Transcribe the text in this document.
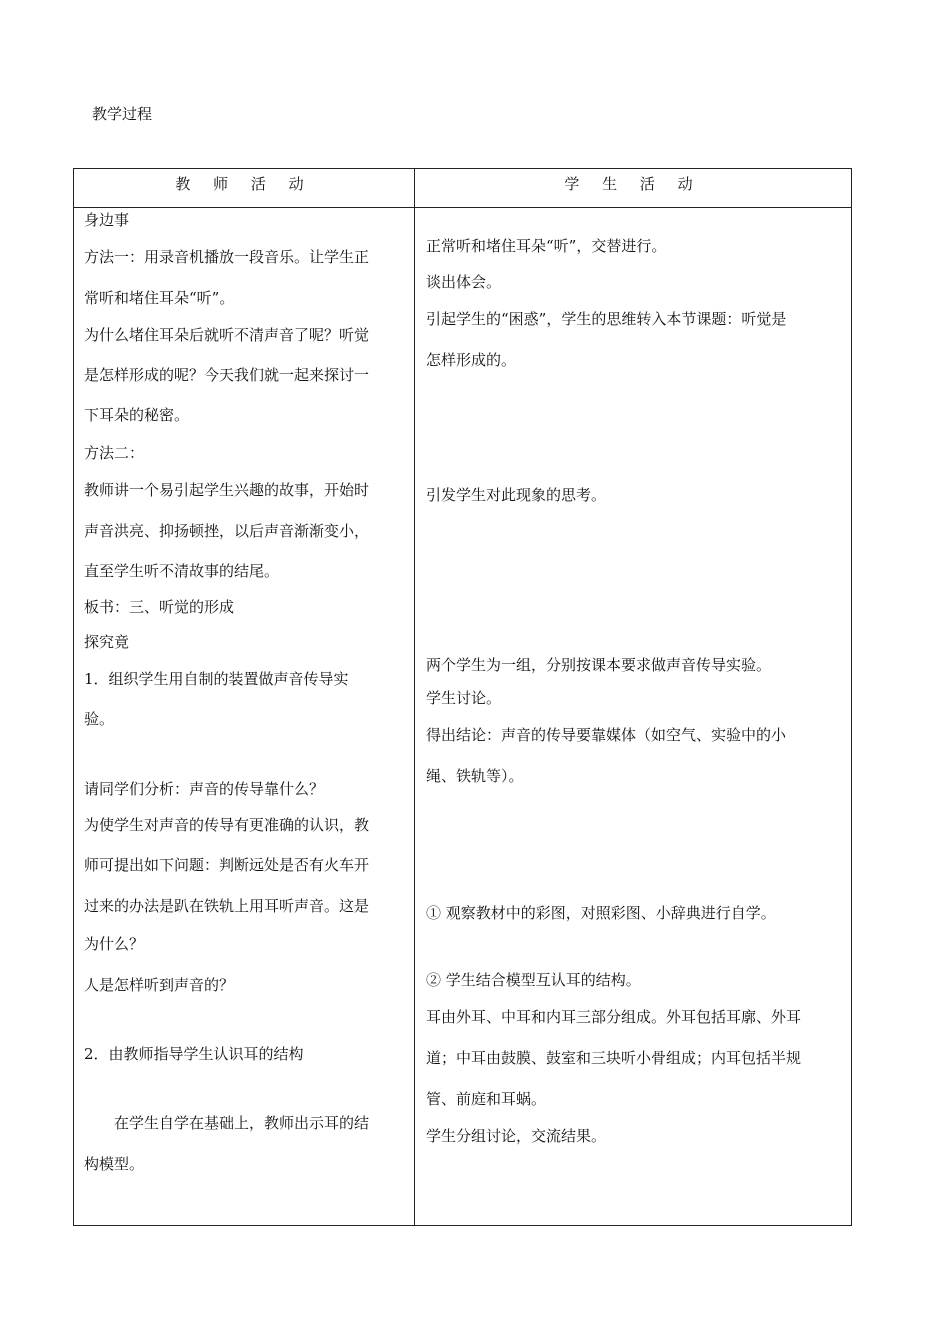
教学过程
教 师 活 动	学 生 活 动
身边事
方法一：用录音机播放一段音乐。让学生正
常听和堵住耳朵“听”。
为什么堵住耳朵后就听不清声音了呢？听觉
是怎样形成的呢？今天我们就一起来探讨一
下耳朵的秘密。
方法二：
教师讲一个易引起学生兴趣的故事，开始时
声音洪亮、抑扬顿挫，以后声音渐渐变小，
直至学生听不清故事的结尾。
板书：三、听觉的形成
探究竟
1．组织学生用自制的装置做声音传导实
验。
请同学们分析：声音的传导靠什么？
为使学生对声音的传导有更准确的认识，教
师可提出如下问题：判断远处是否有火车开
过来的办法是趴在铁轨上用耳听声音。这是
为什么？
人是怎样听到声音的？
2．由教师指导学生认识耳的结构
在学生自学在基础上，教师出示耳的结
构模型。
正常听和堵住耳朵“听”，交替进行。
谈出体会。
引起学生的“困惑”，学生的思维转入本节课题：听觉是
怎样形成的。
引发学生对此现象的思考。
两个学生为一组，分别按课本要求做声音传导实验。
学生讨论。
得出结论：声音的传导要靠媒体（如空气、实验中的小
绳、铁轨等）。
① 观察教材中的彩图，对照彩图、小辞典进行自学。
② 学生结合模型互认耳的结构。
耳由外耳、中耳和内耳三部分组成。外耳包括耳廓、外耳
道；中耳由鼓膜、鼓室和三块听小骨组成；内耳包括半规
管、前庭和耳蜗。
学生分组讨论，交流结果。
